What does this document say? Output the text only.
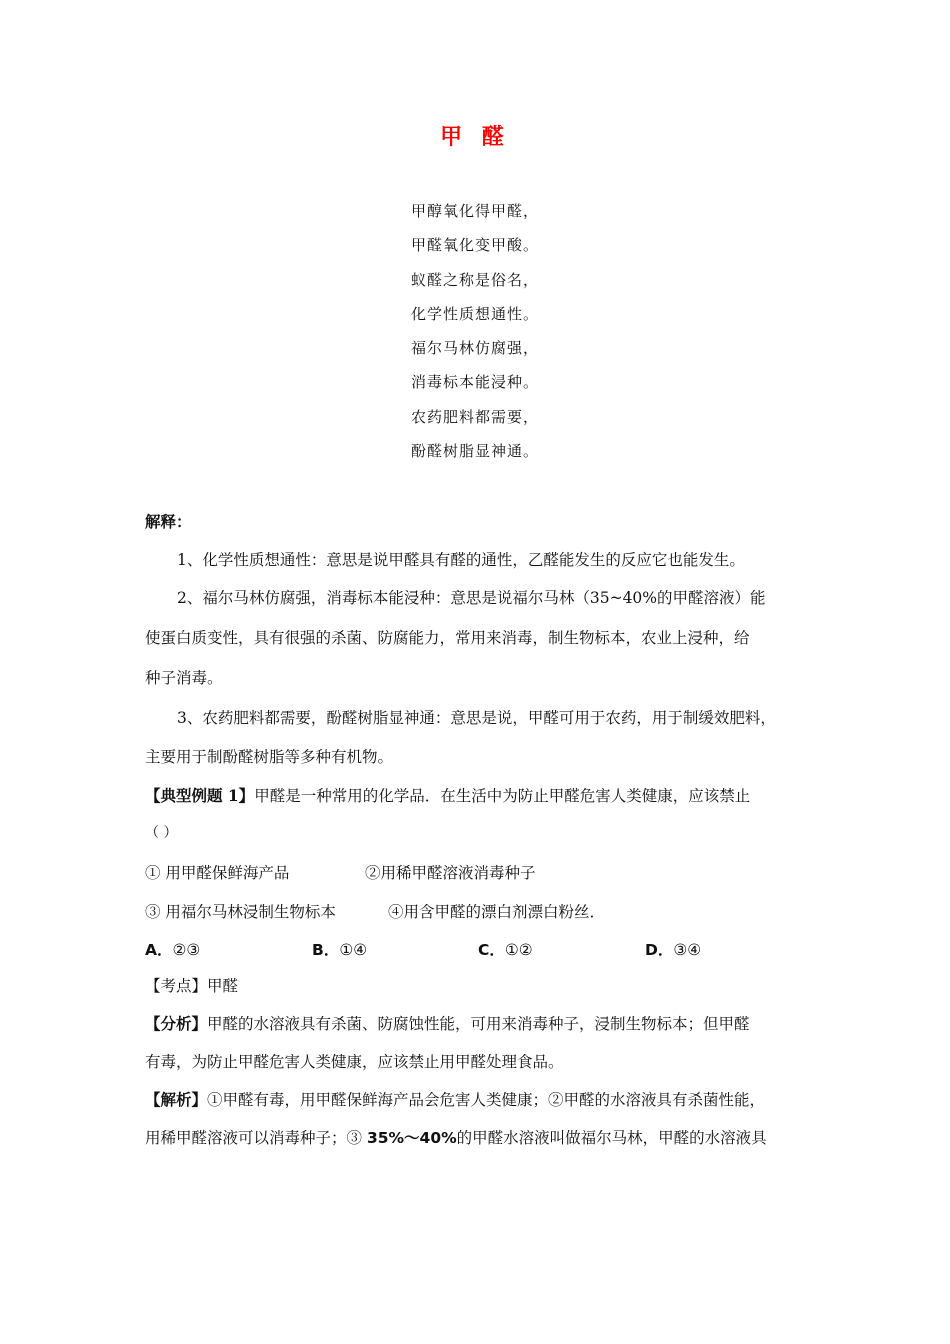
甲 醛
甲醇氧化得甲醛，
甲醛氧化变甲酸。
蚁醛之称是俗名，
化学性质想通性。
福尔马林仿腐强，
消毒标本能浸种。
农药肥料都需要，
酚醛树脂显神通。
解释：
1、化学性质想通性：意思是说甲醛具有醛的通性，乙醛能发生的反应它也能发生。
2、福尔马林仿腐强，消毒标本能浸种：意思是说福尔马林（35~40%的甲醛溶液）能
使蛋白质变性，具有很强的杀菌、防腐能力，常用来消毒，制生物标本，农业上浸种，给
种子消毒。
3、农药肥料都需要，酚醛树脂显神通：意思是说，甲醛可用于农药，用于制缓效肥料，
主要用于制酚醛树脂等多种有机物。
【典型例题 1】甲醛是一种常用的化学品．在生活中为防止甲醛危害人类健康，应该禁止
（ ）
① 用甲醛保鲜海产品	②用稀甲醛溶液消毒种子
③ 用福尔马林浸制生物标本	④用含甲醛的漂白剂漂白粉丝．
A．②③	B．①④	C．①②	D．③④
【考点】甲醛
【分析】甲醛的水溶液具有杀菌、防腐蚀性能，可用来消毒种子，浸制生物标本；但甲醛
有毒，为防止甲醛危害人类健康，应该禁止用甲醛处理食品。
【解析】①甲醛有毒，用甲醛保鲜海产品会危害人类健康；②甲醛的水溶液具有杀菌性能，
用稀甲醛溶液可以消毒种子；③ 35%～40%的甲醛水溶液叫做福尔马林，甲醛的水溶液具
